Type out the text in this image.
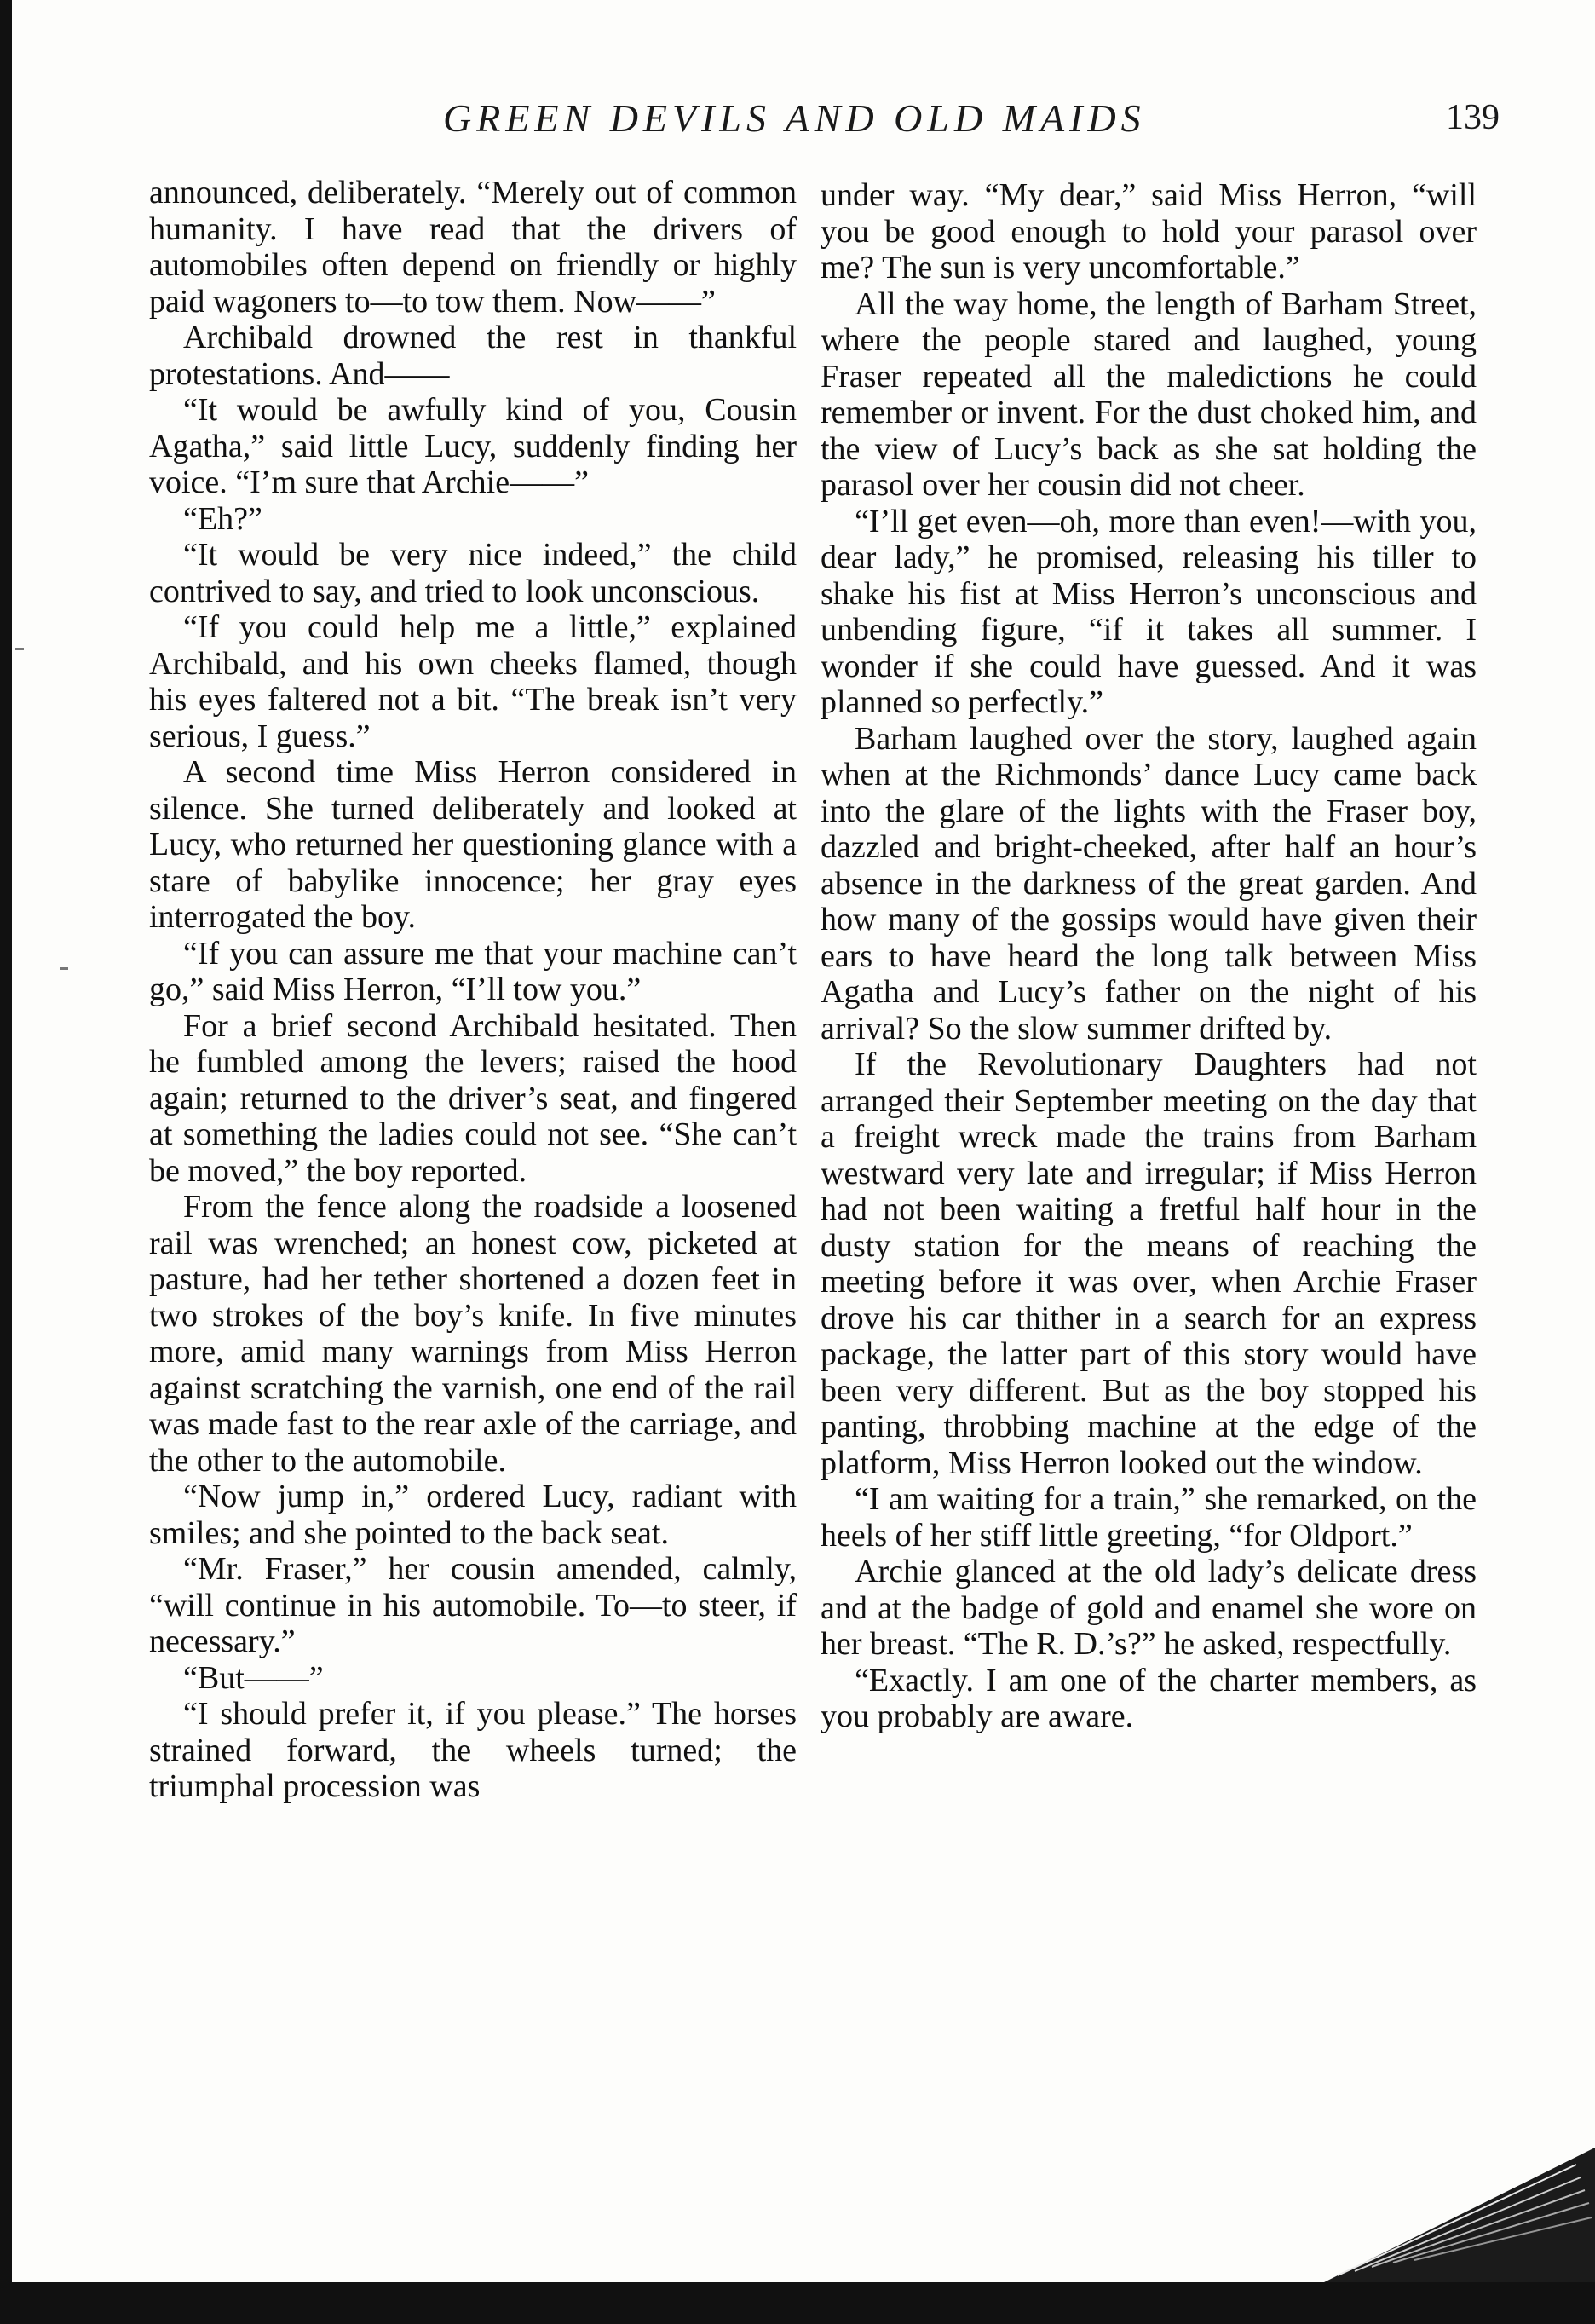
GREEN DEVILS AND OLD MAIDS	139

announced, deliberately. “Merely out of common humanity. I have read that the drivers of automobiles often depend on friendly or highly paid wagoners to—to tow them. Now——”

Archibald drowned the rest in thankful protestations. And——

“It would be awfully kind of you, Cousin Agatha,” said little Lucy, suddenly finding her voice. “I’m sure that Archie——”

“Eh?”

“It would be very nice indeed,” the child contrived to say, and tried to look unconscious.

“If you could help me a little,” explained Archibald, and his own cheeks flamed, though his eyes faltered not a bit. “The break isn’t very serious, I guess.”

A second time Miss Herron considered in silence. She turned deliberately and looked at Lucy, who returned her questioning glance with a stare of babylike innocence; her gray eyes interrogated the boy.

“If you can assure me that your machine can’t go,” said Miss Herron, “I’ll tow you.”

For a brief second Archibald hesitated. Then he fumbled among the levers; raised the hood again; returned to the driver’s seat, and fingered at something the ladies could not see. “She can’t be moved,” the boy reported.

From the fence along the roadside a loosened rail was wrenched; an honest cow, picketed at pasture, had her tether shortened a dozen feet in two strokes of the boy’s knife. In five minutes more, amid many warnings from Miss Herron against scratching the varnish, one end of the rail was made fast to the rear axle of the carriage, and the other to the automobile.

“Now jump in,” ordered Lucy, radiant with smiles; and she pointed to the back seat.

“Mr. Fraser,” her cousin amended, calmly, “will continue in his automobile. To—to steer, if necessary.”

“But——”

“I should prefer it, if you please.” The horses strained forward, the wheels turned; the triumphal procession was

under way. “My dear,” said Miss Herron, “will you be good enough to hold your parasol over me? The sun is very uncomfortable.”

All the way home, the length of Barham Street, where the people stared and laughed, young Fraser repeated all the maledictions he could remember or invent. For the dust choked him, and the view of Lucy’s back as she sat holding the parasol over her cousin did not cheer.

“I’ll get even—oh, more than even!—with you, dear lady,” he promised, releasing his tiller to shake his fist at Miss Herron’s unconscious and unbending figure, “if it takes all summer. I wonder if she could have guessed. And it was planned so perfectly.”

Barham laughed over the story, laughed again when at the Richmonds’ dance Lucy came back into the glare of the lights with the Fraser boy, dazzled and bright-cheeked, after half an hour’s absence in the darkness of the great garden. And how many of the gossips would have given their ears to have heard the long talk between Miss Agatha and Lucy’s father on the night of his arrival? So the slow summer drifted by.

If the Revolutionary Daughters had not arranged their September meeting on the day that a freight wreck made the trains from Barham westward very late and irregular; if Miss Herron had not been waiting a fretful half hour in the dusty station for the means of reaching the meeting before it was over, when Archie Fraser drove his car thither in a search for an express package, the latter part of this story would have been very different. But as the boy stopped his panting, throbbing machine at the edge of the platform, Miss Herron looked out the window.

“I am waiting for a train,” she remarked, on the heels of her stiff little greeting, “for Oldport.”

Archie glanced at the old lady’s delicate dress and at the badge of gold and enamel she wore on her breast. “The R. D.’s?” he asked, respectfully.

“Exactly. I am one of the charter members, as you probably are aware.
